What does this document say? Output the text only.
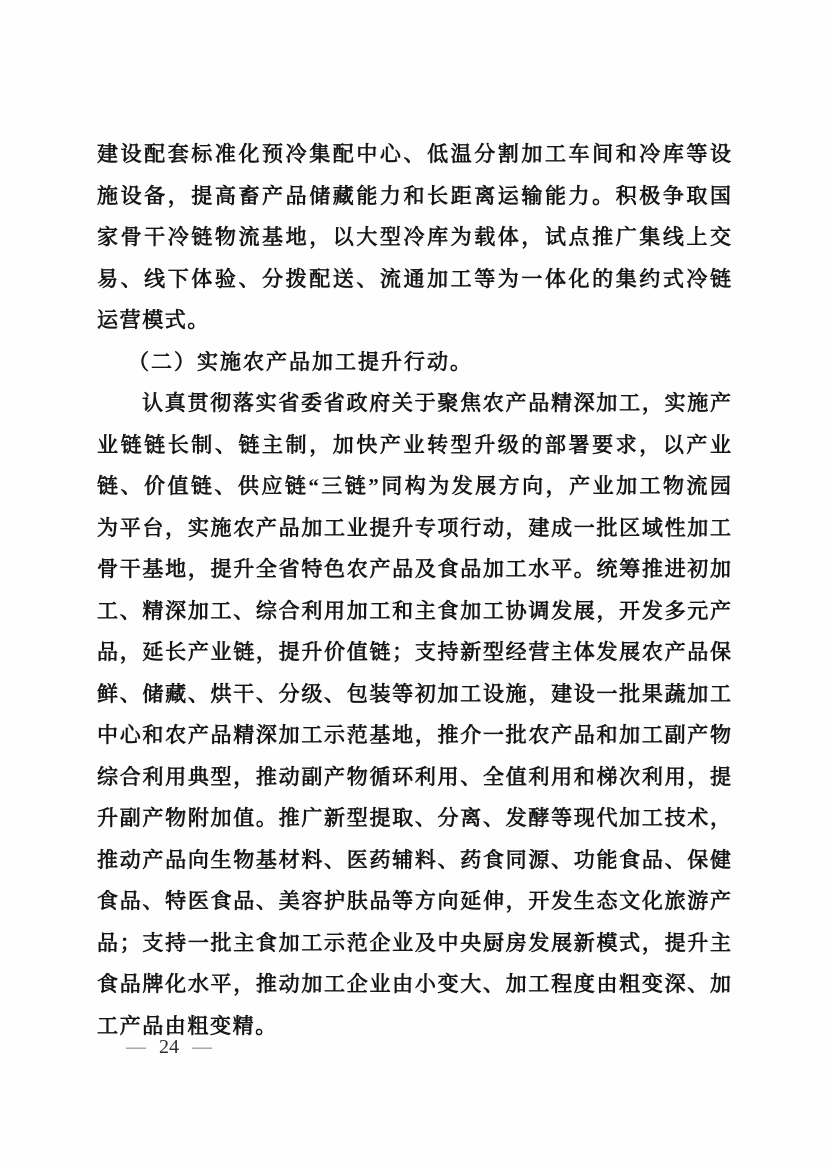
建设配套标准化预冷集配中心、低温分割加工车间和冷库等设
施设备，提高畜产品储藏能力和长距离运输能力。积极争取国
家骨干冷链物流基地，以大型冷库为载体，试点推广集线上交
易、线下体验、分拨配送、流通加工等为一体化的集约式冷链
运营模式。
（二）实施农产品加工提升行动。
认真贯彻落实省委省政府关于聚焦农产品精深加工，实施产
业链链长制、链主制，加快产业转型升级的部署要求，以产业
链、价值链、供应链“三链”同构为发展方向，产业加工物流园
为平台，实施农产品加工业提升专项行动，建成一批区域性加工
骨干基地，提升全省特色农产品及食品加工水平。统筹推进初加
工、精深加工、综合利用加工和主食加工协调发展，开发多元产
品，延长产业链，提升价值链；支持新型经营主体发展农产品保
鲜、储藏、烘干、分级、包装等初加工设施，建设一批果蔬加工
中心和农产品精深加工示范基地，推介一批农产品和加工副产物
综合利用典型，推动副产物循环利用、全值利用和梯次利用，提
升副产物附加值。推广新型提取、分离、发酵等现代加工技术，
推动产品向生物基材料、医药辅料、药食同源、功能食品、保健
食品、特医食品、美容护肤品等方向延伸，开发生态文化旅游产
品；支持一批主食加工示范企业及中央厨房发展新模式，提升主
食品牌化水平，推动加工企业由小变大、加工程度由粗变深、加
工产品由粗变精。
— 24 —
